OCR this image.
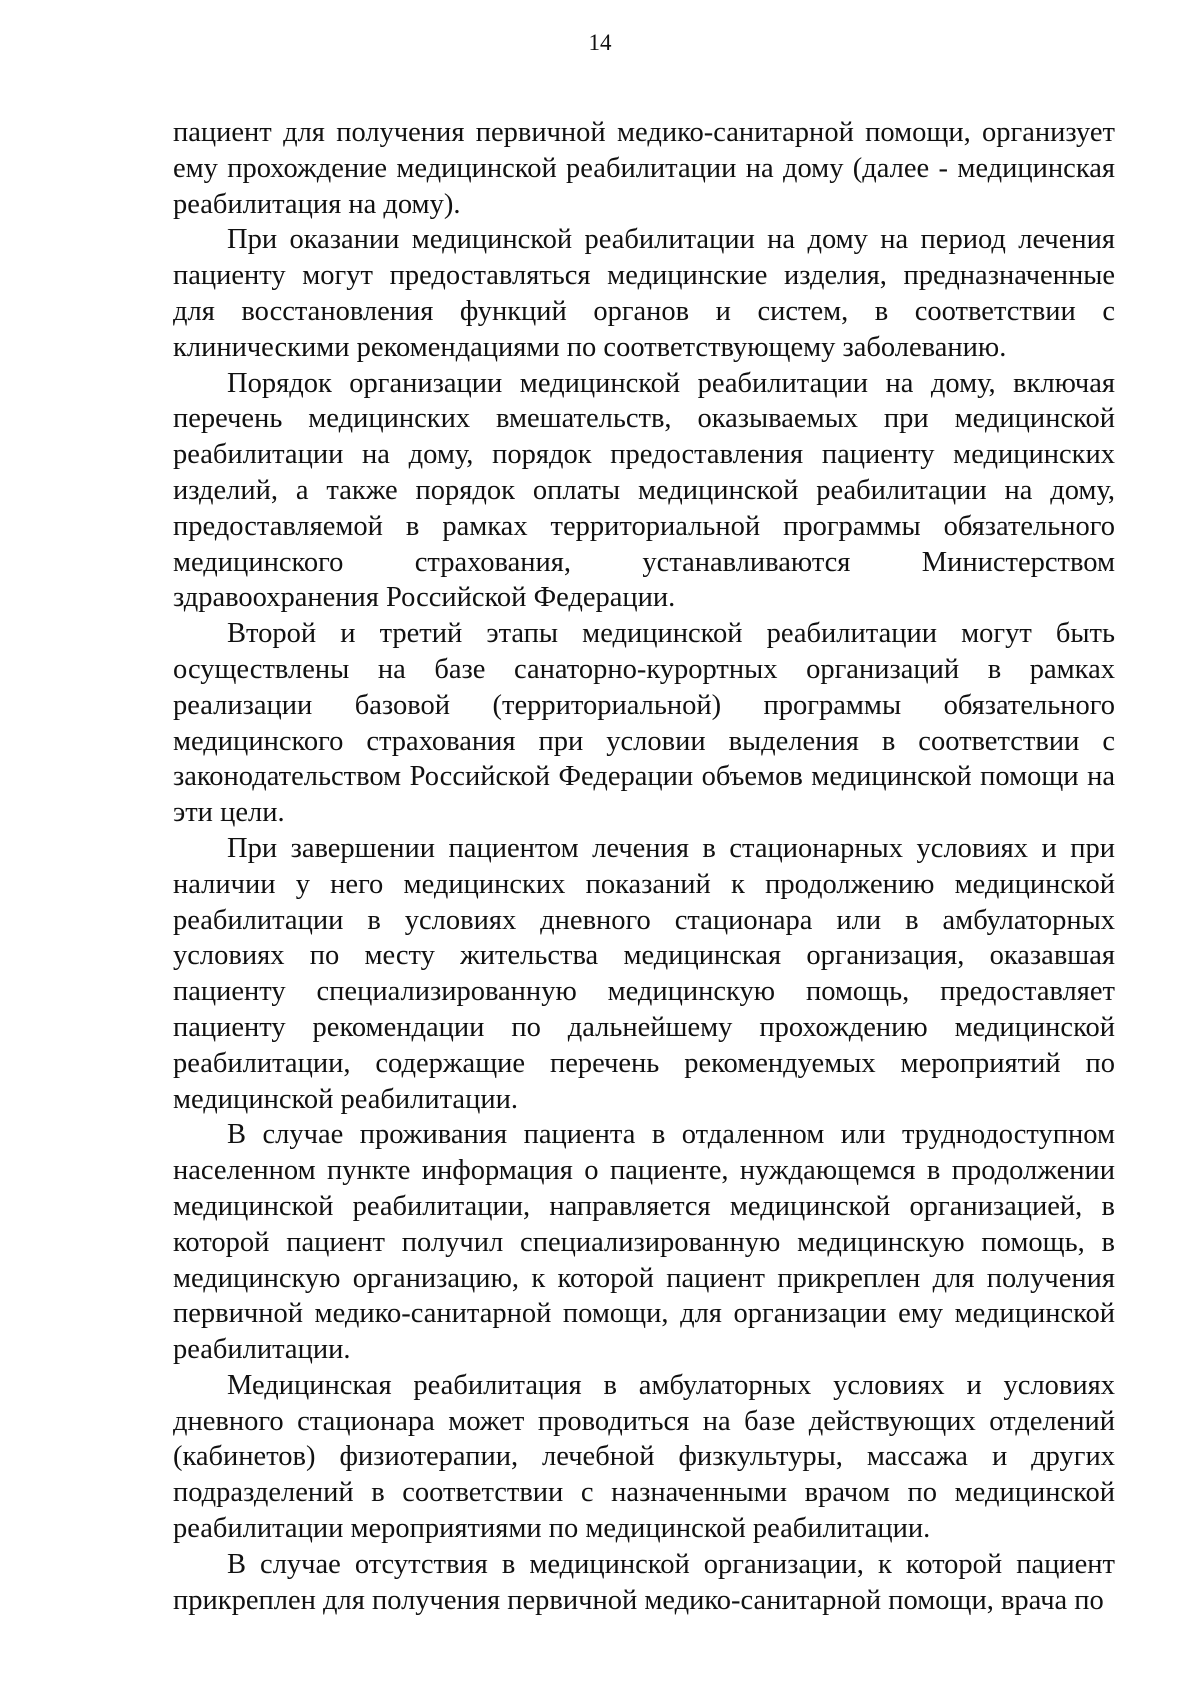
14

пациент для получения первичной медико-санитарной помощи, организует ему прохождение медицинской реабилитации на дому (далее - медицинская реабилитация на дому).

При оказании медицинской реабилитации на дому на период лечения пациенту могут предоставляться медицинские изделия, предназначенные для восстановления функций органов и систем, в соответствии с клиническими рекомендациями по соответствующему заболеванию.

Порядок организации медицинской реабилитации на дому, включая перечень медицинских вмешательств, оказываемых при медицинской реабилитации на дому, порядок предоставления пациенту медицинских изделий, а также порядок оплаты медицинской реабилитации на дому, предоставляемой в рамках территориальной программы обязательного медицинского страхования, устанавливаются Министерством здравоохранения Российской Федерации.

Второй и третий этапы медицинской реабилитации могут быть осуществлены на базе санаторно-курортных организаций в рамках реализации базовой (территориальной) программы обязательного медицинского страхования при условии выделения в соответствии с законодательством Российской Федерации объемов медицинской помощи на эти цели.

При завершении пациентом лечения в стационарных условиях и при наличии у него медицинских показаний к продолжению медицинской реабилитации в условиях дневного стационара или в амбулаторных условиях по месту жительства медицинская организация, оказавшая пациенту специализированную медицинскую помощь, предоставляет пациенту рекомендации по дальнейшему прохождению медицинской реабилитации, содержащие перечень рекомендуемых мероприятий по медицинской реабилитации.

В случае проживания пациента в отдаленном или труднодоступном населенном пункте информация о пациенте, нуждающемся в продолжении медицинской реабилитации, направляется медицинской организацией, в которой пациент получил специализированную медицинскую помощь, в медицинскую организацию, к которой пациент прикреплен для получения первичной медико-санитарной помощи, для организации ему медицинской реабилитации.

Медицинская реабилитация в амбулаторных условиях и условиях дневного стационара может проводиться на базе действующих отделений (кабинетов) физиотерапии, лечебной физкультуры, массажа и других подразделений в соответствии с назначенными врачом по медицинской реабилитации мероприятиями по медицинской реабилитации.

В случае отсутствия в медицинской организации, к которой пациент прикреплен для получения первичной медико-санитарной помощи, врача по
